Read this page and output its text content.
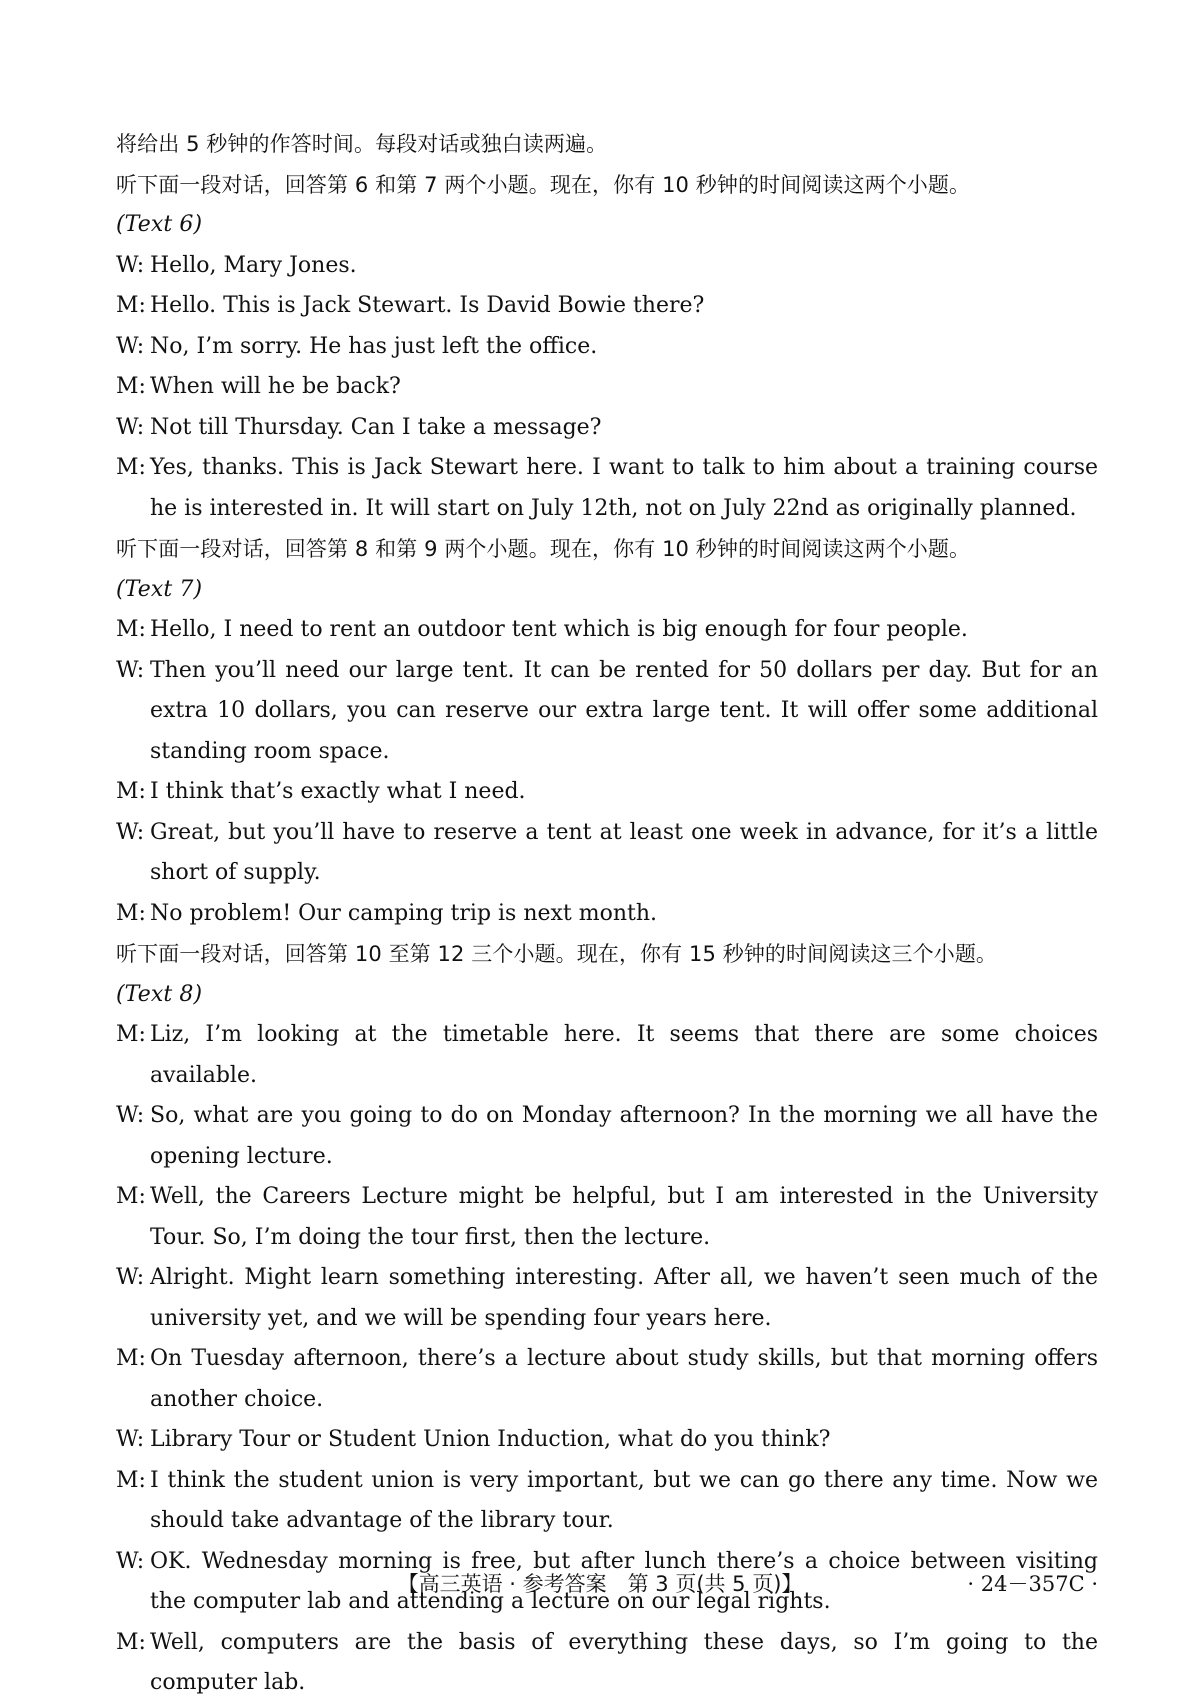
将给出 5 秒钟的作答时间。每段对话或独白读两遍。
听下面一段对话，回答第 6 和第 7 两个小题。现在，你有 10 秒钟的时间阅读这两个小题。
(Text 6)
W: Hello, Mary Jones.
M: Hello. This is Jack Stewart. Is David Bowie there?
W: No, I’m sorry. He has just left the office.
M: When will he be back?
W: Not till Thursday. Can I take a message?
M: Yes, thanks. This is Jack Stewart here. I want to talk to him about a training course he is interested in. It will start on July 12th, not on July 22nd as originally planned.
听下面一段对话，回答第 8 和第 9 两个小题。现在，你有 10 秒钟的时间阅读这两个小题。
(Text 7)
M: Hello, I need to rent an outdoor tent which is big enough for four people.
W: Then you’ll need our large tent. It can be rented for 50 dollars per day. But for an extra 10 dollars, you can reserve our extra large tent. It will offer some additional standing room space.
M: I think that’s exactly what I need.
W: Great, but you’ll have to reserve a tent at least one week in advance, for it’s a little short of supply.
M: No problem! Our camping trip is next month.
听下面一段对话，回答第 10 至第 12 三个小题。现在，你有 15 秒钟的时间阅读这三个小题。
(Text 8)
M: Liz, I’m looking at the timetable here. It seems that there are some choices available.
W: So, what are you going to do on Monday afternoon? In the morning we all have the opening lecture.
M: Well, the Careers Lecture might be helpful, but I am interested in the University Tour. So, I’m doing the tour first, then the lecture.
W: Alright. Might learn something interesting. After all, we haven’t seen much of the university yet, and we will be spending four years here.
M: On Tuesday afternoon, there’s a lecture about study skills, but that morning offers another choice.
W: Library Tour or Student Union Induction, what do you think?
M: I think the student union is very important, but we can go there any time. Now we should take advantage of the library tour.
W: OK. Wednesday morning is free, but after lunch there’s a choice between visiting the computer lab and attending a lecture on our legal rights.
M: Well, computers are the basis of everything these days, so I’m going to the computer lab.
【高三英语 · 参考答案　第 3 页(共 5 页)】	· 24－357C ·
